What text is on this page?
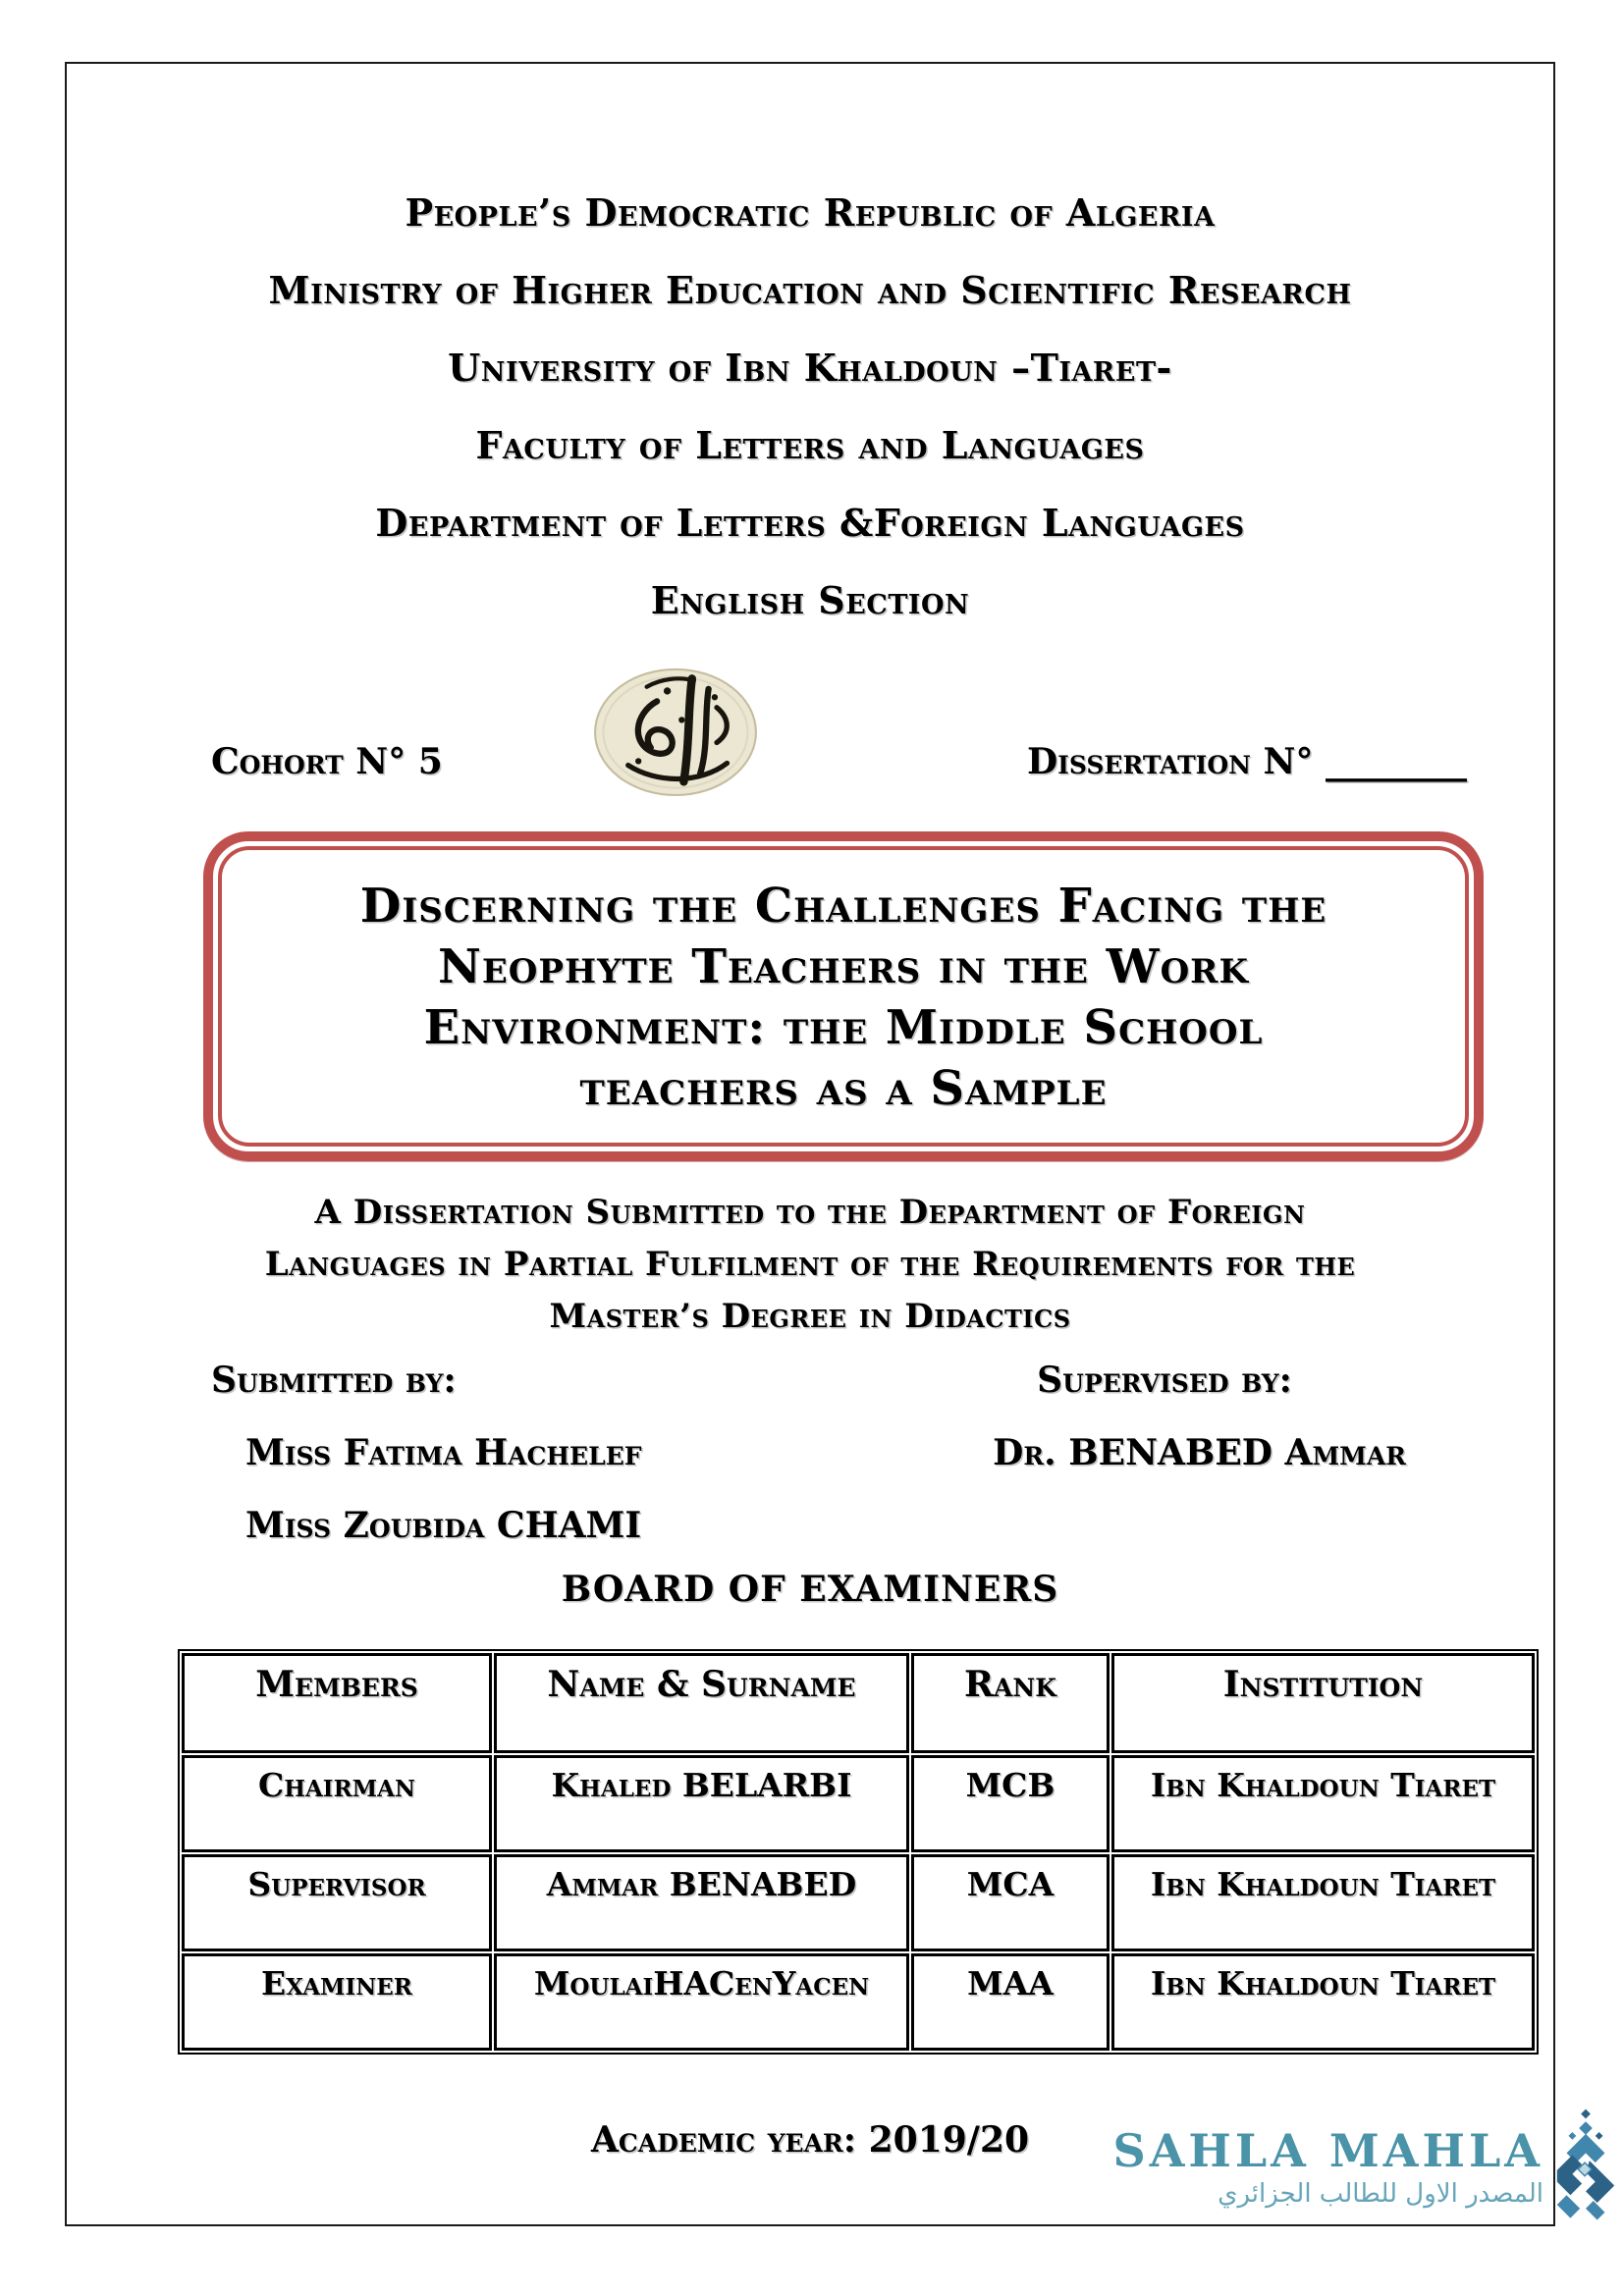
People’s Democratic Republic of Algeria
Ministry of Higher Education and Scientific Research
University of Ibn Khaldoun –Tiaret-
Faculty of Letters and Languages
Department of Letters &Foreign Languages
English Section
Cohort N° 5	Dissertation N° ________
Discerning the Challenges Facing the
Neophyte Teachers in the Work
Environment: the Middle School
teachers as a Sample
A Dissertation Submitted to the Department of Foreign
Languages in Partial Fulfilment of the Requirements for the
Master’s Degree in Didactics
Submitted by:
Miss Fatima Hachelef
Miss Zoubida CHAMI
Supervised by:
Dr. BENABED Ammar
BOARD OF EXAMINERS
Members	Name & Surname	Rank	Institution
Chairman	Khaled BELARBI	MCB	Ibn Khaldoun Tiaret
Supervisor	Ammar BENABED	MCA	Ibn Khaldoun Tiaret
Examiner	MoulaiHACenYacen	MAA	Ibn Khaldoun Tiaret
Academic year: 2019/20	SAHLA MAHLA
المصدر الاول للطالب الجزائري
